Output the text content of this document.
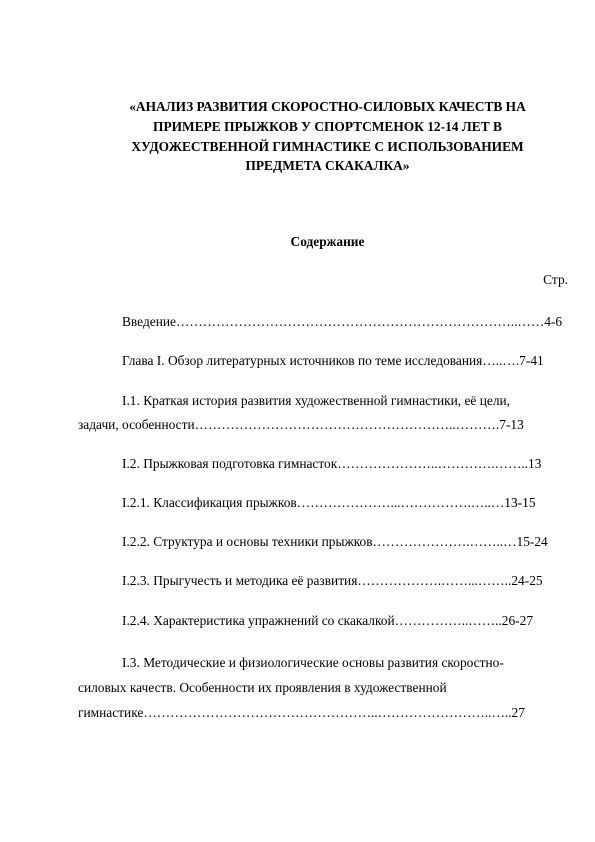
«АНАЛИЗ РАЗВИТИЯ СКОРОСТНО-СИЛОВЫХ КАЧЕСТВ НА
ПРИМЕРЕ ПРЫЖКОВ У СПОРТСМЕНОК 12-14 ЛЕТ В
ХУДОЖЕСТВЕННОЙ ГИМНАСТИКЕ С ИСПОЛЬЗОВАНИЕМ
ПРЕДМЕТА СКАКАЛКА»
Содержание
Стр.
Введение…………………………………………………………………..……4-6
Глава I. Обзор литературных источников по теме исследования…..….7-41
I.1. Краткая история развития художественной гимнастики, её цели,
задачи, особенности…………………………………………………..……….7-13
I.2. Прыжковая подготовка гимнасток…………………..………….……..13
I.2.1. Классификация прыжков…………………...…………….…..…13-15
I.2.2. Структура и основы техники прыжков………………….……..…15-24
I.2.3. Прыгучесть и методика её развития……………….……...……..24-25
I.2.4. Характеристика упражнений со скакалкой……………..……..26-27
I.3. Методические и физиологические основы развития скоростно-
силовых качеств. Особенности их проявления в художественной
гимнастике……………………………………………..……………………..…..27
